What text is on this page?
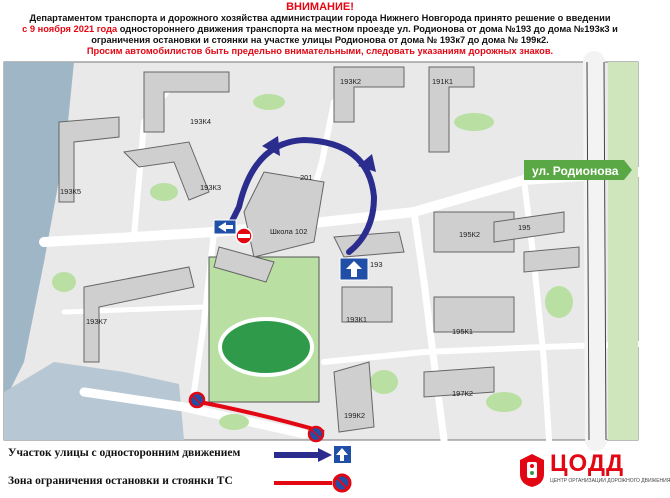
ВНИМАНИЕ!
Департаментом транспорта и дорожного хозяйства администрации города Нижнего Новгорода принято решение о введении
с 9 ноября 2021 года одностороннего движения транспорта на местном проезде ул. Родионова от дома №193 до дома №193к3 и
ограничения остановки и стоянки на участке улицы Родионова от дома № 193к7 до дома № 199к2.
Просим автомобилистов быть предельно внимательными, следовать указаниям дорожных знаков.
ул. Родионова
191К1
193К2
193К4
193К5	193К3
201
Школа 102
193
195
195К2
193К7	193К1
195К1
197К2
199К2
Участок улицы с односторонним движением
Зона ограничения остановки и стоянки ТС
ЦОДД
ЦЕНТР ОРГАНИЗАЦИИ ДОРОЖНОГО ДВИЖЕНИЯ
